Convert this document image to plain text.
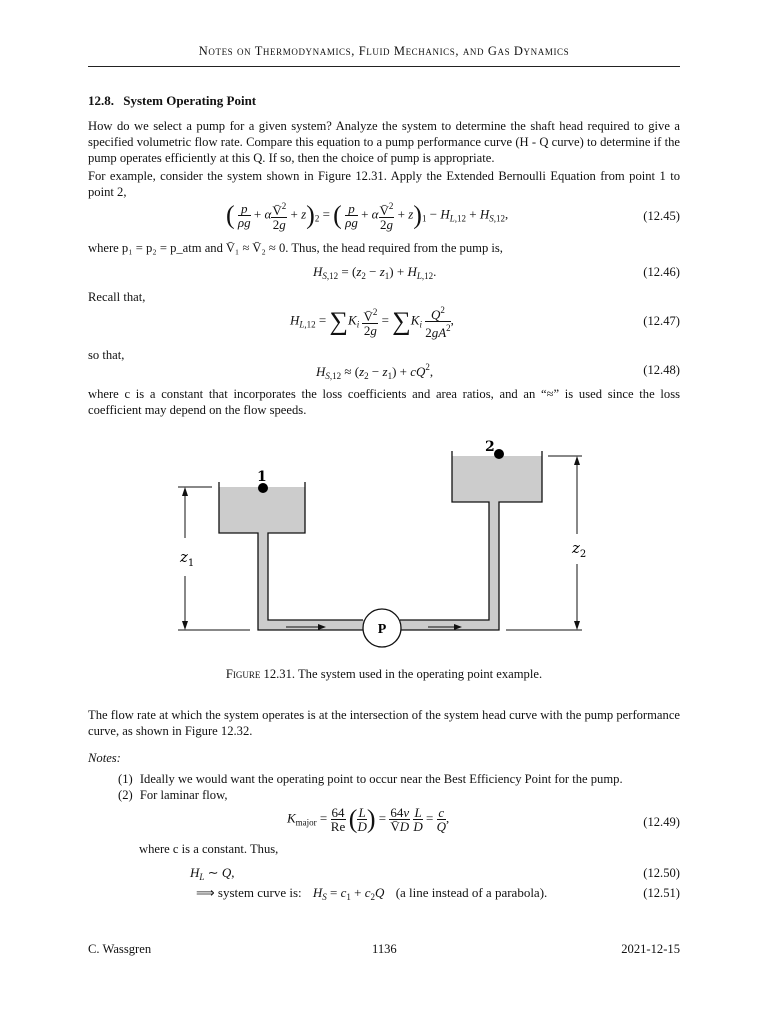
Notes on Thermodynamics, Fluid Mechanics, and Gas Dynamics
12.8. System Operating Point
How do we select a pump for a given system? Analyze the system to determine the shaft head required to give a specified volumetric flow rate. Compare this equation to a pump performance curve (H - Q curve) to determine if the pump operates efficiently at this Q. If so, then the choice of pump is appropriate.
For example, consider the system shown in Figure 12.31. Apply the Extended Bernoulli Equation from point 1 to point 2,
( $\frac{p}{\rho g} + \alpha \frac{V̄^2}{2g} + z)_2$ = ( $\frac{p}{\rho g} + \alpha \frac{V̄^2}{2g} + z)_1 - H_{L,12} + H_{S,12}$,	(12.45)
where p₁ = p₂ = p_atm and V̄₁ ≈ V̄₂ ≈ 0. Thus, the head required from the pump is,
$H_{S,12} = (z_2 - z_1) + H_{L,12}$.	(12.46)
Recall that,
$H_{L,12} = \sum K_i \frac{V̄^2}{2g} = \sum K_i \frac{Q^2}{2gA^2}$ ,	(12.47)
so that,
$H_{S,12} \approx (z_2 - z_1) + cQ^2$,	(12.48)
where c is a constant that incorporates the loss coefficients and area ratios, and an “≈” is used since the loss coefficient may depend on the flow speeds.
P
1
2
$z_1$
$z_2$
Figure 12.31. The system used in the operating point example.
The flow rate at which the system operates is at the intersection of the system head curve with the pump performance curve, as shown in Figure 12.32.
Notes:
(1) Ideally we would want the operating point to occur near the Best Efficiency Point for the pump.
(2) For laminar flow,
$K_{major} = \frac{64}{Re}$ ( $\frac{L}{D}$ ) = $\frac{64\nu}{V̄D}$
$\frac{L}{D} = \frac{c}{Q}$ ,	(12.49)
where c is a constant. Thus,
$H_L$ ∼ Q,	(12.50)
⟹ system curve is: $H_S = c_1 + c_2Q$ (a line instead of a parabola).	(12.51)
C. Wassgren	1136	2021-12-15
